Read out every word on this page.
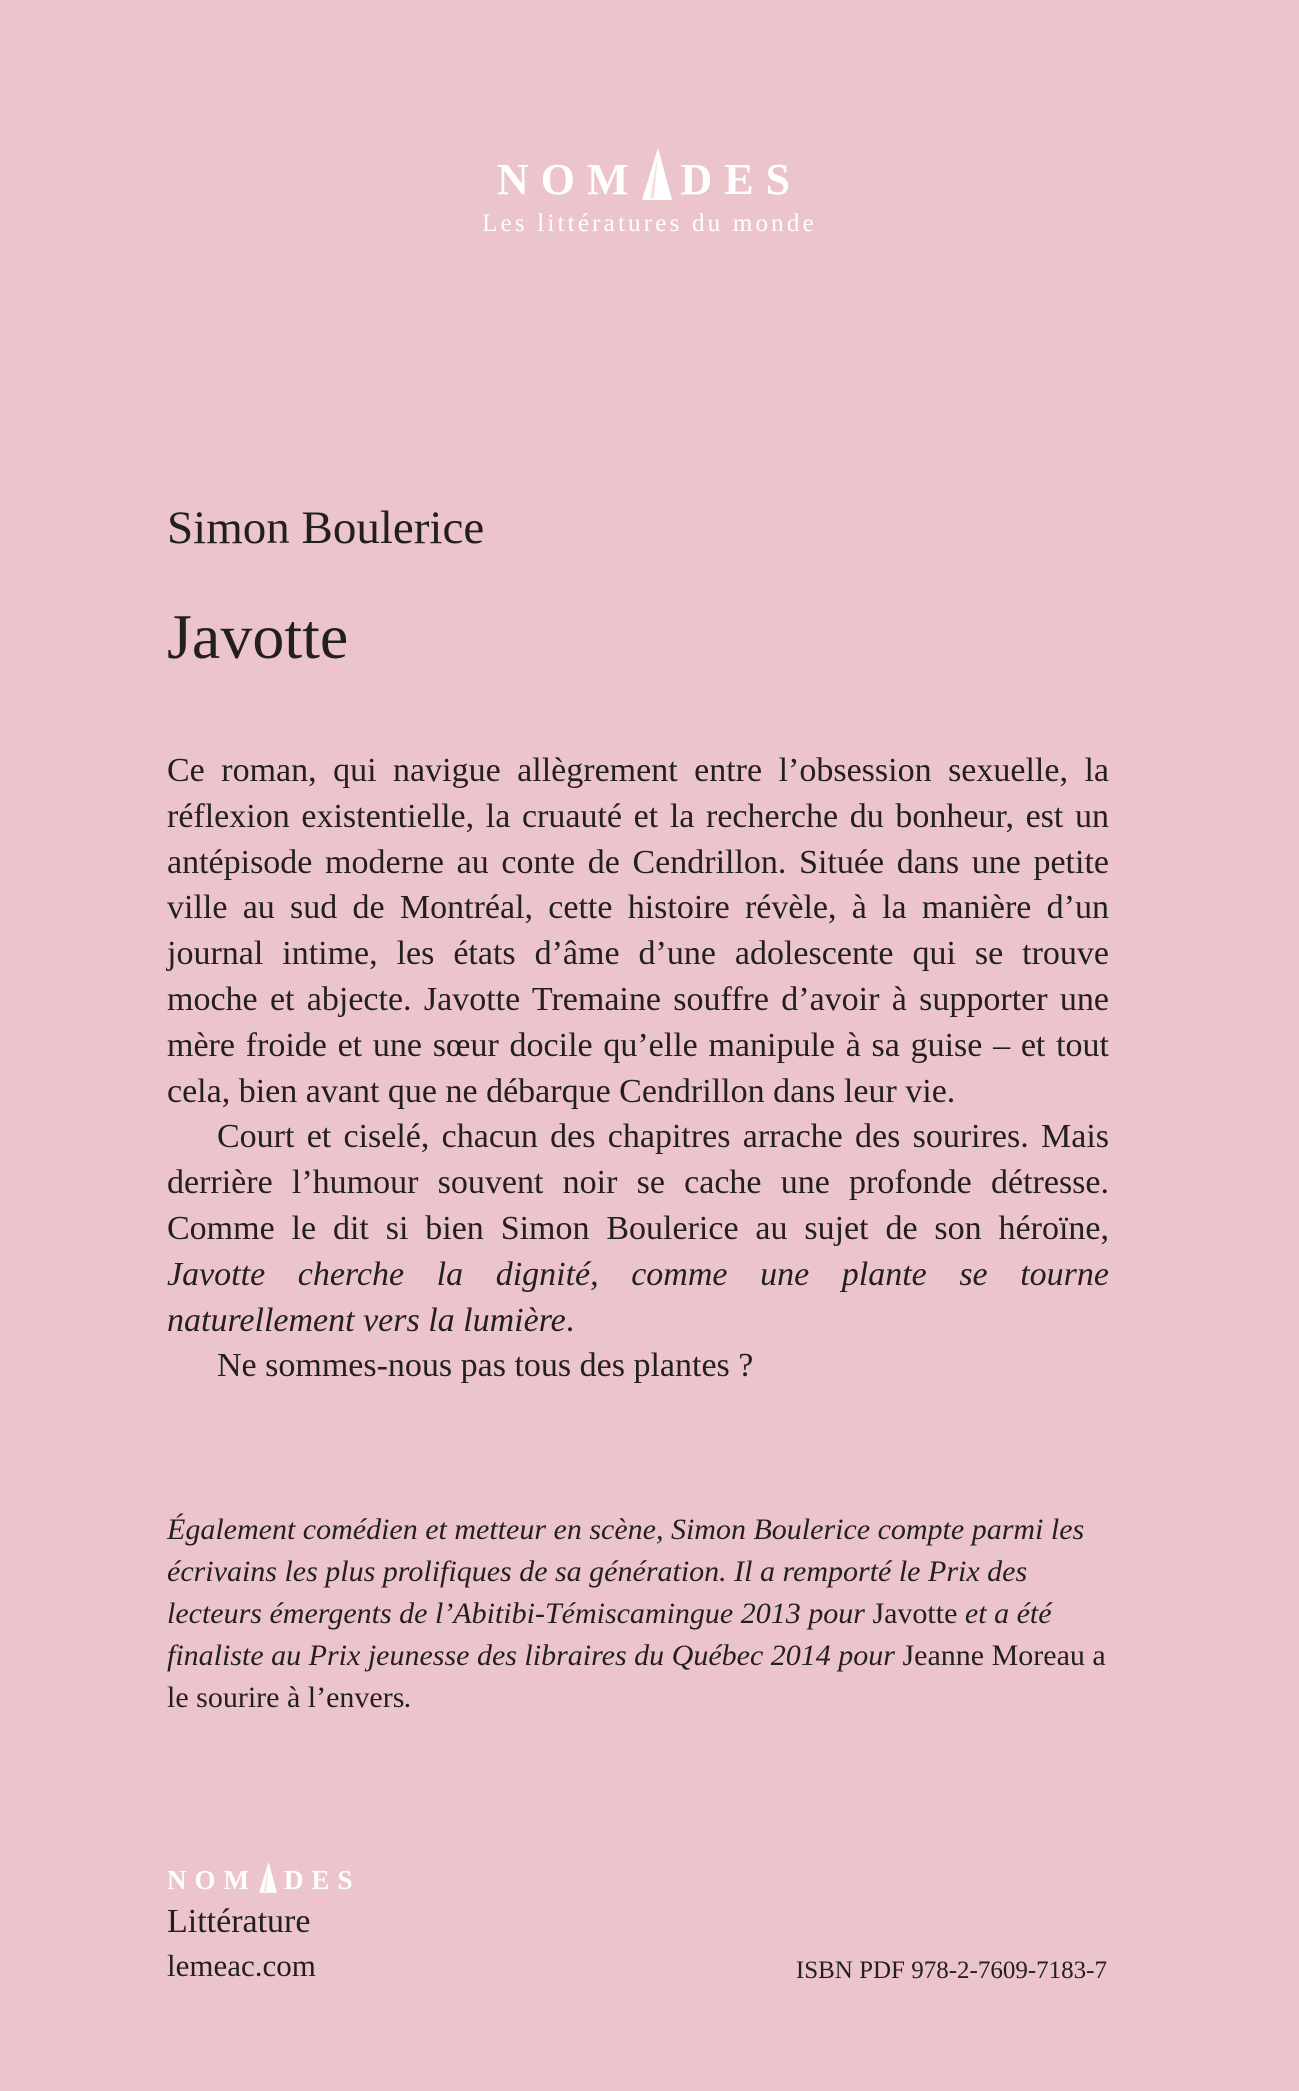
NOM DES
Les littératures du monde
Simon Boulerice
Javotte

Ce roman, qui navigue allègrement entre l’obsession sexuelle, la réflexion existentielle, la cruauté et la recherche du bonheur, est un antépisode moderne au conte de Cendrillon. Située dans une petite ville au sud de Montréal, cette histoire révèle, à la manière d’un journal intime, les états d’âme d’une adolescente qui se trouve moche et abjecte. Javotte Tremaine souffre d’avoir à supporter une mère froide et une sœur docile qu’elle manipule à sa guise – et tout cela, bien avant que ne débarque Cendrillon dans leur vie.

Court et ciselé, chacun des chapitres arrache des sourires. Mais derrière l’humour souvent noir se cache une profonde détresse. Comme le dit si bien Simon Boulerice au sujet de son héroïne, Javotte cherche la dignité, comme une plante se tourne naturellement vers la lumière.

Ne sommes-nous pas tous des plantes ?

Également comédien et metteur en scène, Simon Boulerice compte parmi les écrivains les plus prolifiques de sa génération. Il a remporté le Prix des lecteurs émergents de l’Abitibi-Témiscamingue 2013 pour Javotte et a été finaliste au Prix jeunesse des libraires du Québec 2014 pour Jeanne Moreau a le sourire à l’envers.
NOM DES
Littérature
lemeac.com	ISBN PDF 978-2-7609-7183-7
